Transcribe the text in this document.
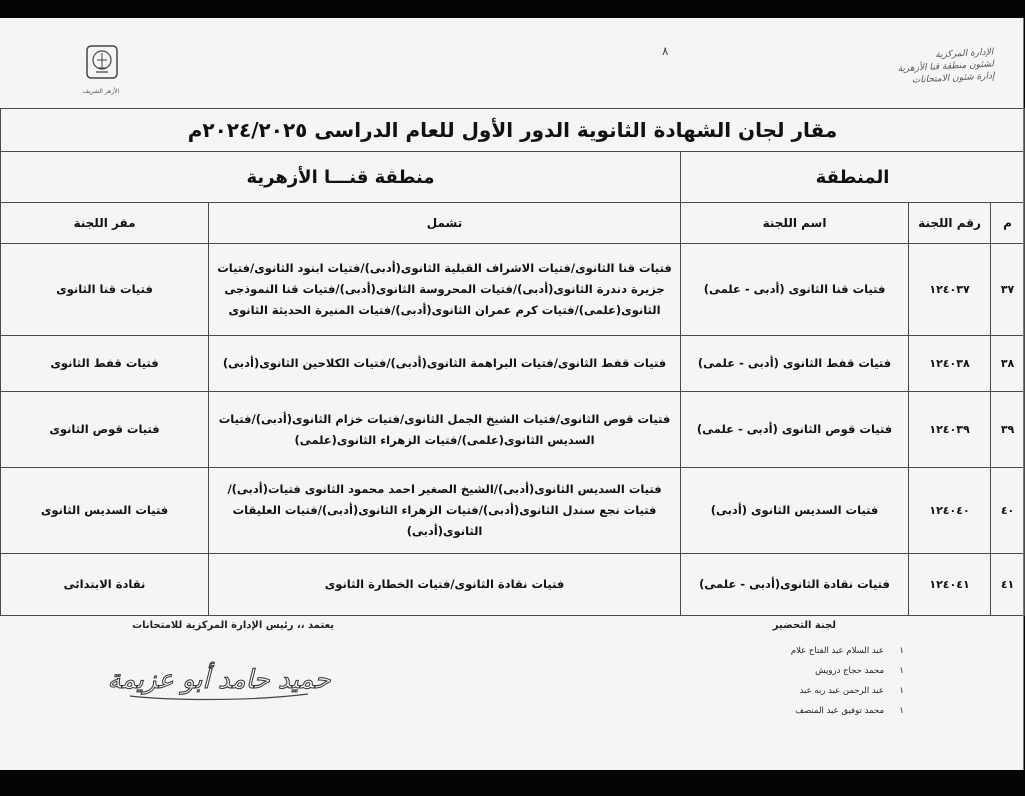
الأزهر الشريف
٨	الإدارة المركزية
لشئون منطقة قنا الأزهرية
إدارة شئون الامتحانات
مقار لجان الشهادة الثانوية الدور الأول للعام الدراسى ٢٠٢٤/٢٠٢٥م				
المنطقة			منطقة قنـــا الأزهرية	
م	رقم اللجنة	اسم اللجنة	تشمل	مقر اللجنة
٣٧	١٢٤٠٣٧	فتيات قنا الثانوى (أدبى - علمى)	فتيات قنا الثانوى/فتيات الاشراف القبلية الثانوى(أدبى)/فتيات ابنود الثانوى/فتيات جزيرة دندرة الثانوى(أدبى)/فتيات المحروسة الثانوى(أدبى)/فتيات قنا النموذجى الثانوى(علمى)/فتيات كرم عمران الثانوى(أدبى)/فتيات المنيرة الحديثة الثانوى	فتيات قنا الثانوى
٣٨	١٢٤٠٣٨	فتيات قفط الثانوى (أدبى - علمى)	فتيات قفط الثانوى/فتيات البراهمة الثانوى(أدبى)/فتيات الكلاحين الثانوى(أدبى)	فتيات قفط الثانوى
٣٩	١٢٤٠٣٩	فتيات قوص الثانوى (أدبى - علمى)	فتيات قوص الثانوى/فتيات الشيخ الجمل الثانوى/فتيات خزام الثانوى(أدبى)/فتيات السديس الثانوى(علمى)/فتيات الزهراء الثانوى(علمى)	فتيات قوص الثانوى
٤٠	١٢٤٠٤٠	فتيات السديس الثانوى (أدبى)	فتيات السديس الثانوى(أدبى)/الشيخ الصغير احمد محمود الثانوى فتيات(أدبى)/فتيات نجع سندل الثانوى(أدبى)/فتيات الزهراء الثانوى(أدبى)/فتيات العليقات الثانوى(أدبى)	فتيات السديس الثانوى
٤١	١٢٤٠٤١	فتيات نقادة الثانوى(أدبى - علمى)	فتيات نقادة الثانوى/فتيات الخطارة الثانوى	نقادة الابتدائى
لجنة التحضير
١عبد السلام عبد الفتاح علام
١محمد حجاج درويش
١عبد الرحمن عبد ربه عبد
١محمد توفيق عبد المنصف
يعتمد ،، رئيس الإدارة المركزية للامتحانات
حميد حامد أبو عزيمة
